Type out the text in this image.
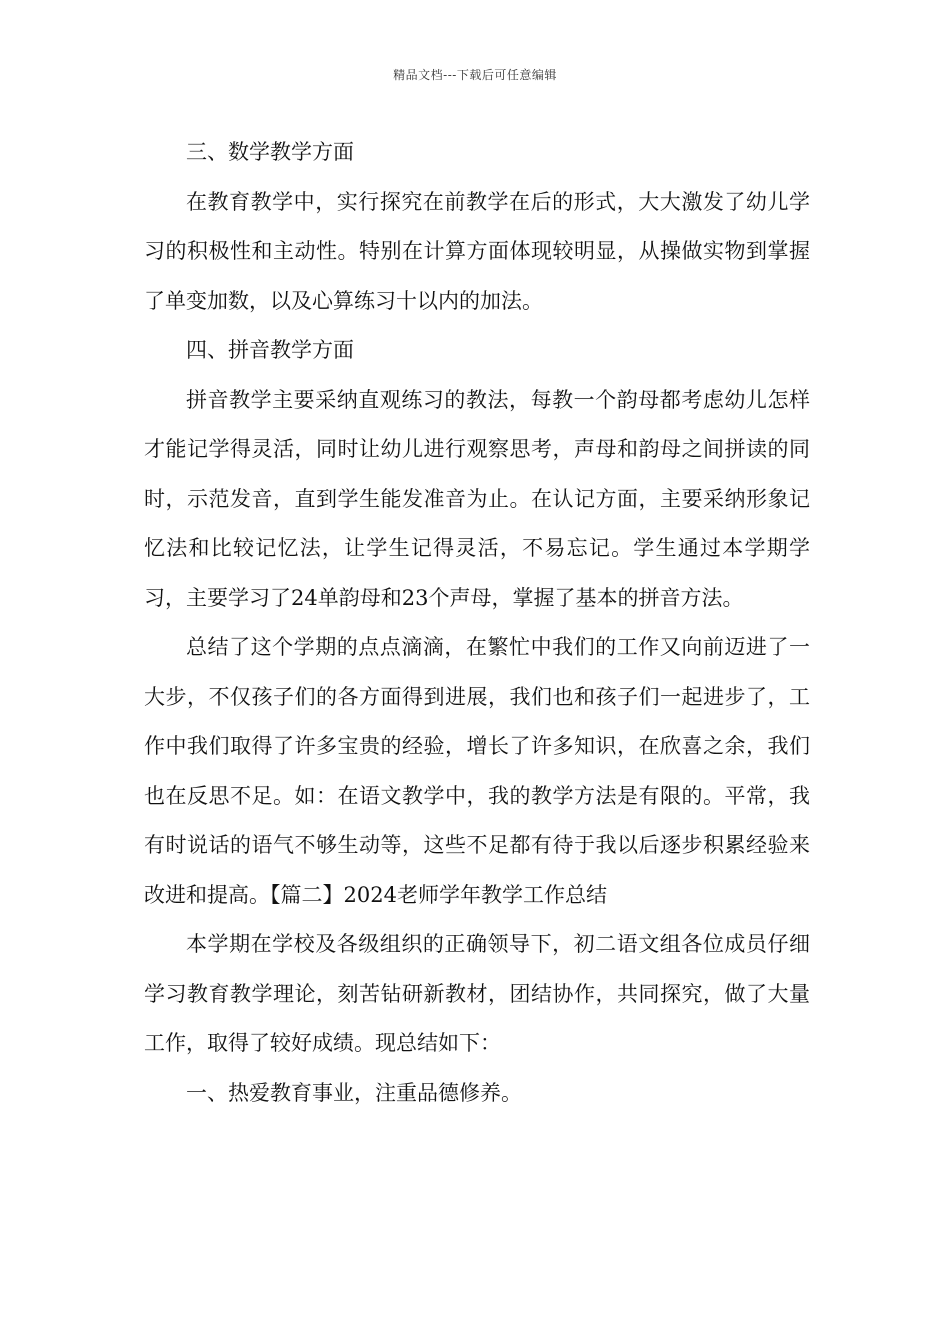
精品文档---下载后可任意编辑

三、数学教学方面

在教育教学中，实行探究在前教学在后的形式，大大激发了幼儿学习的积极性和主动性。特别在计算方面体现较明显，从操做实物到掌握了单变加数，以及心算练习十以内的加法。

四、拼音教学方面

拼音教学主要采纳直观练习的教法，每教一个韵母都考虑幼儿怎样才能记学得灵活，同时让幼儿进行观察思考，声母和韵母之间拼读的同时，示范发音，直到学生能发准音为止。在认记方面，主要采纳形象记忆法和比较记忆法，让学生记得灵活，不易忘记。学生通过本学期学习，主要学习了24单韵母和23个声母，掌握了基本的拼音方法。

总结了这个学期的点点滴滴，在繁忙中我们的工作又向前迈进了一大步，不仅孩子们的各方面得到进展，我们也和孩子们一起进步了，工作中我们取得了许多宝贵的经验，增长了许多知识，在欣喜之余，我们也在反思不足。如：在语文教学中，我的教学方法是有限的。平常，我有时说话的语气不够生动等，这些不足都有待于我以后逐步积累经验来改进和提高。【篇二】2024老师学年教学工作总结

本学期在学校及各级组织的正确领导下，初二语文组各位成员仔细学习教育教学理论，刻苦钻研新教材，团结协作，共同探究，做了大量工作，取得了较好成绩。现总结如下：

一、热爱教育事业，注重品德修养。
